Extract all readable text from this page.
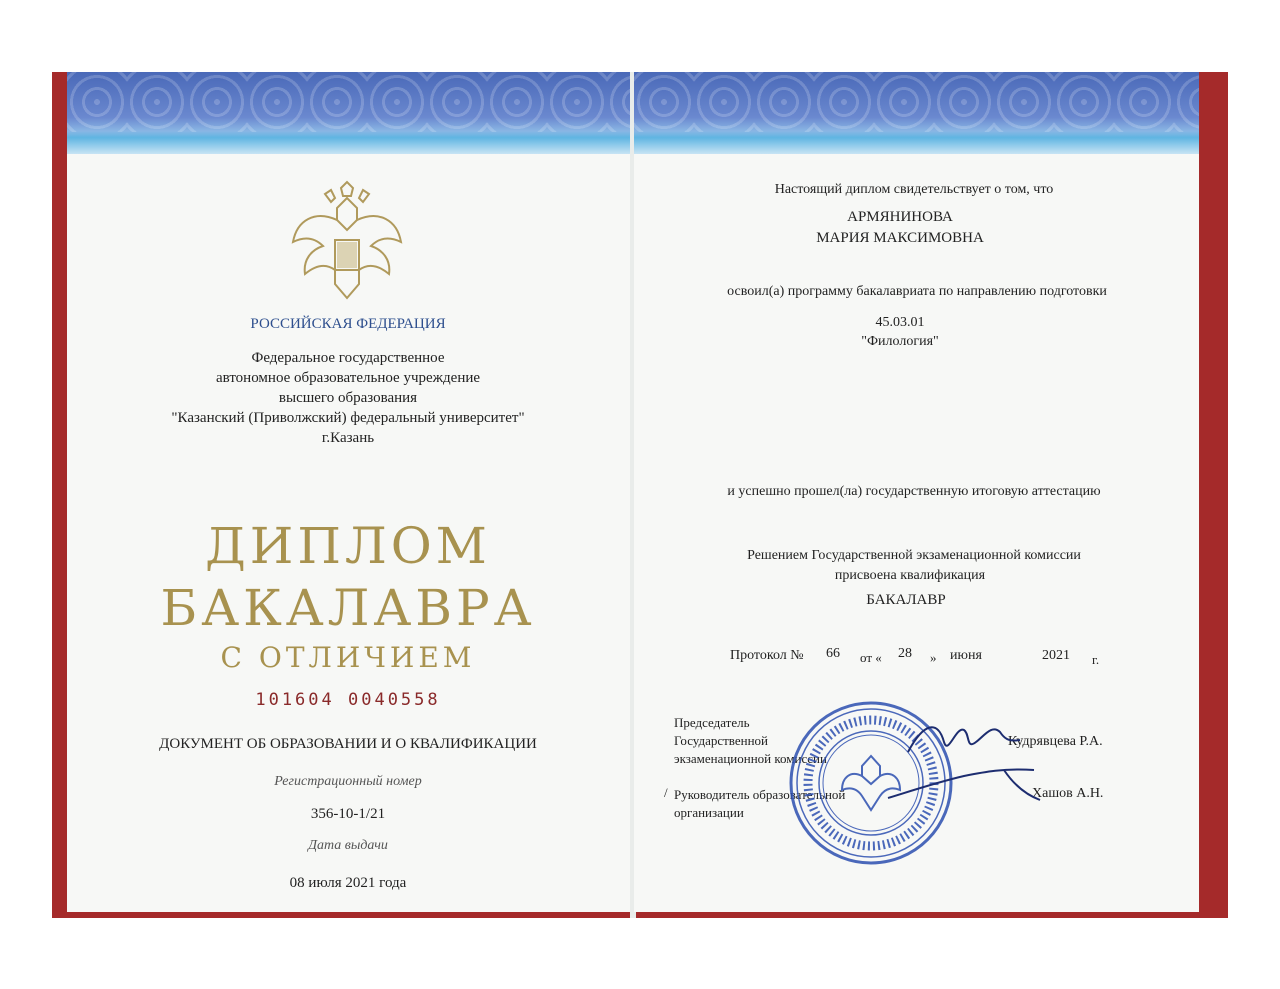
РОССИЙСКАЯ ФЕДЕРАЦИЯ
Федеральное государственное
автономное образовательное учреждение
высшего образования
"Казанский (Приволжский) федеральный университет"
г.Казань
ДИПЛОМ
БАКАЛАВРА
С ОТЛИЧИЕМ
101604 0040558
ДОКУМЕНТ ОБ ОБРАЗОВАНИИ И О КВАЛИФИКАЦИИ
Регистрационный номер
356-10-1/21
Дата выдачи
08 июля 2021 года
Настоящий диплом свидетельствует о том, что
АРМЯНИНОВА
МАРИЯ МАКСИМОВНА
освоил(а) программу бакалавриата по направлению подготовки
45.03.01
"Филология"
и успешно прошел(ла) государственную итоговую аттестацию
Решением Государственной экзаменационной комиссии
присвоена квалификация
БАКАЛАВР
Протокол № 66 от « 28 » июня	2021 г.
Председатель
Государственной
экзаменационной комиссии
Кудрявцева Р.А.
/ Руководитель образовательной
организации
Хашов А.Н.
